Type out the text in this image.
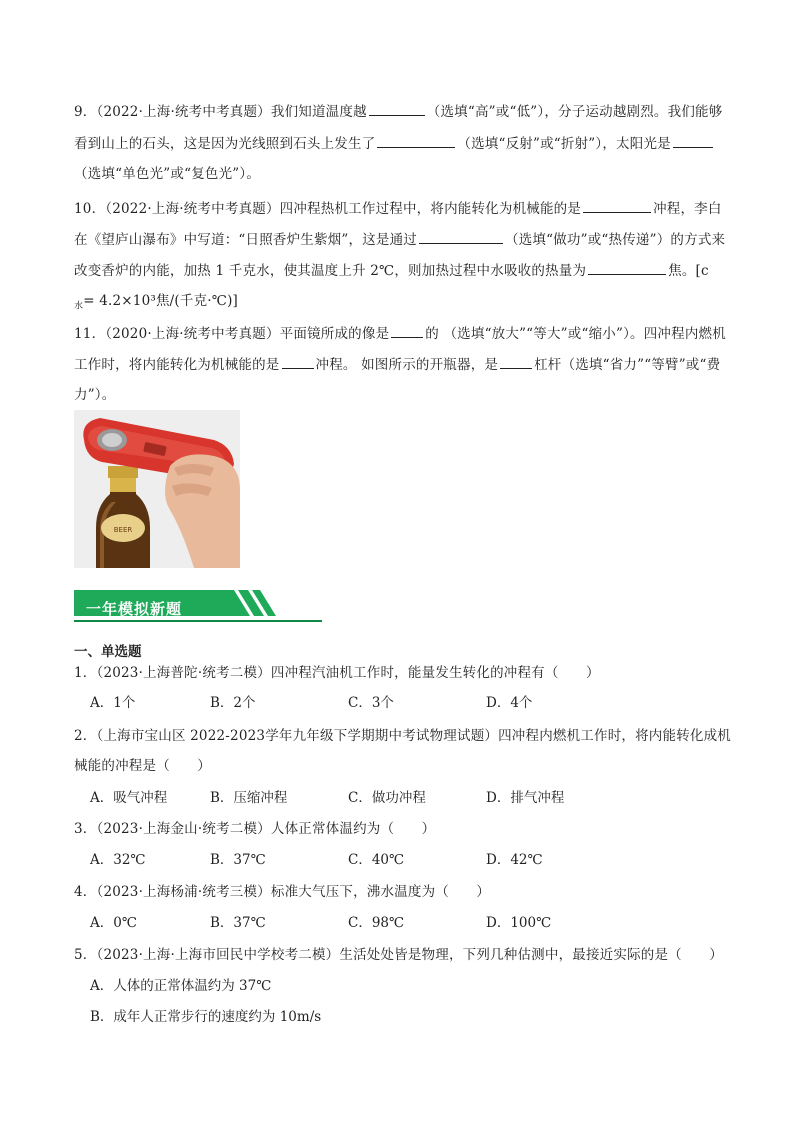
9．（2022·上海·统考中考真题）我们知道温度越	（选填“高”或“低”），分子运动越剧烈。我们能够
看到山上的石头，这是因为光线照到石头上发生了	（选填“反射”或“折射”），太阳光是
（选填“单色光”或“复色光”）。
10．（2022·上海·统考中考真题）四冲程热机工作过程中，将内能转化为机械能的是	冲程，李白
在《望庐山瀑布》中写道：“日照香炉生紫烟”，这是通过	（选填“做功”或“热传递”）的方式来
改变香炉的内能，加热 1 千克水，使其温度上升 2℃，则加热过程中水吸收的热量为	焦。[c
$_水$= 4.2×10³焦/(千克·℃)]
11．（2020·上海·统考中考真题）平面镜所成的像是	的 （选填“放大”“等大”或“缩小”）。四冲程内燃机
工作时，将内能转化为机械能的是	冲程。 如图所示的开瓶器，是	杠杆（选填“省力”“等臂”或“费
力”）。
BEER
一年模拟新题
一、单选题
1．（2023·上海普陀·统考二模）四冲程汽油机工作时，能量发生转化的冲程有（　　）
A．1个	B．2个	C．3个	D．4个
2．（上海市宝山区 2022-2023学年九年级下学期期中考试物理试题）四冲程内燃机工作时，将内能转化成机
械能的冲程是（　　）
A．吸气冲程	B．压缩冲程	C．做功冲程	D．排气冲程
3．（2023·上海金山·统考二模）人体正常体温约为（　　）
A．32℃	B．37℃	C．40℃	D．42℃
4．（2023·上海杨浦·统考三模）标准大气压下，沸水温度为（　　）
A．0℃	B．37℃	C．98℃	D．100℃
5．（2023·上海·上海市回民中学校考二模）生活处处皆是物理，下列几种估测中，最接近实际的是（　　）
A．人体的正常体温约为 37℃
B．成年人正常步行的速度约为 10m/s
